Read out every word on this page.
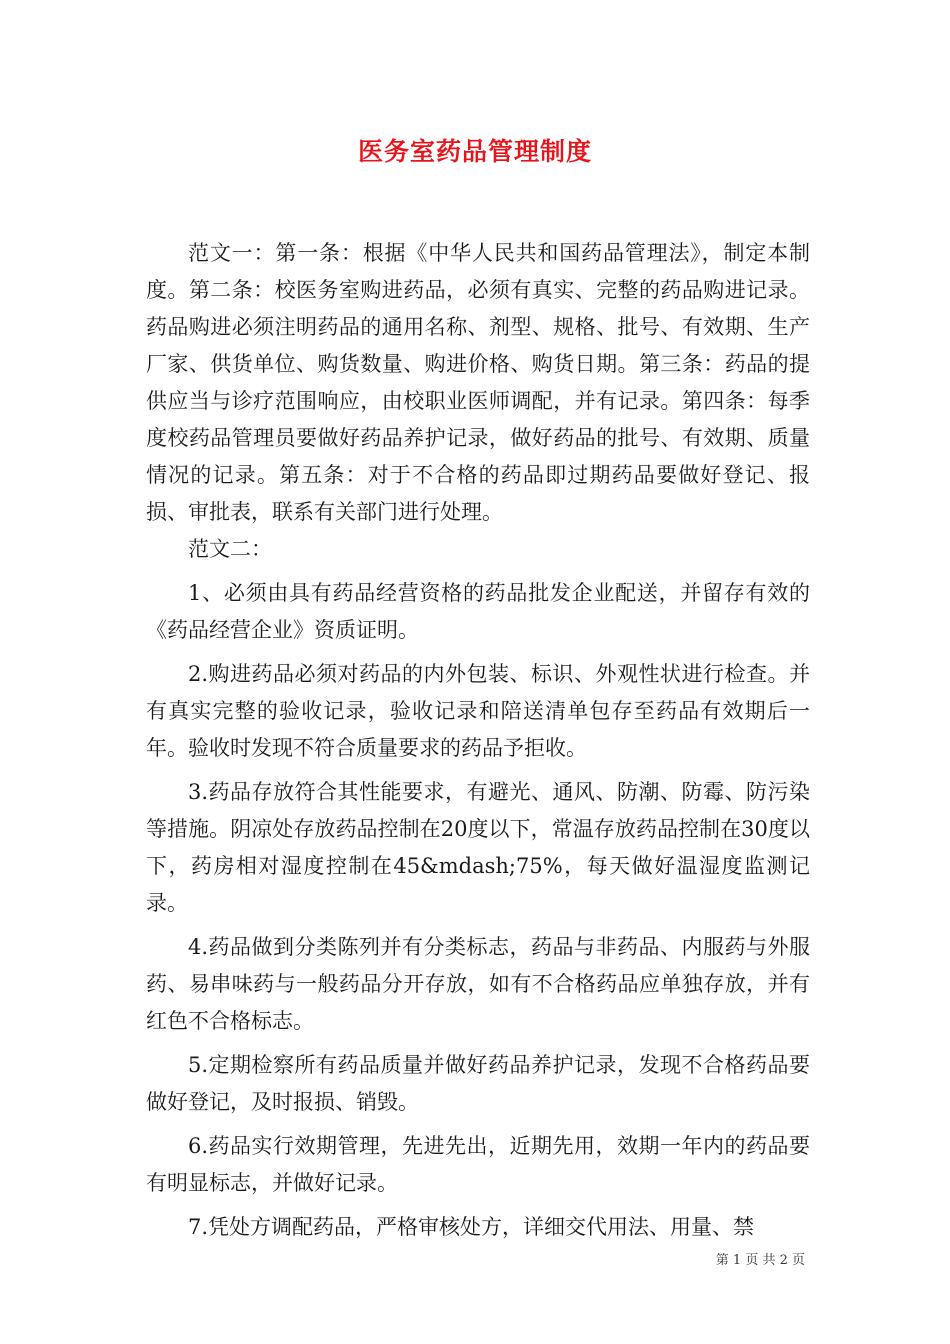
医务室药品管理制度

范文一：第一条：根据《中华人民共和国药品管理法》，制定本制度。第二条：校医务室购进药品，必须有真实、完整的药品购进记录。药品购进必须注明药品的通用名称、剂型、规格、批号、有效期、生产厂家、供货单位、购货数量、购进价格、购货日期。第三条：药品的提供应当与诊疗范围响应，由校职业医师调配，并有记录。第四条：每季度校药品管理员要做好药品养护记录，做好药品的批号、有效期、质量情况的记录。第五条：对于不合格的药品即过期药品要做好登记、报损、审批表，联系有关部门进行处理。

范文二：

1、必须由具有药品经营资格的药品批发企业配送，并留存有效的《药品经营企业》资质证明。

2.购进药品必须对药品的内外包装、标识、外观性状进行检查。并有真实完整的验收记录，验收记录和陪送清单包存至药品有效期后一年。验收时发现不符合质量要求的药品予拒收。

3.药品存放符合其性能要求，有避光、通风、防潮、防霉、防污染等措施。阴凉处存放药品控制在20度以下，常温存放药品控制在30度以下，药房相对湿度控制在45&mdash;75%，每天做好温湿度监测记录。

4.药品做到分类陈列并有分类标志，药品与非药品、内服药与外服药、易串味药与一般药品分开存放，如有不合格药品应单独存放，并有红色不合格标志。

5.定期检察所有药品质量并做好药品养护记录，发现不合格药品要做好登记，及时报损、销毁。

6.药品实行效期管理，先进先出，近期先用，效期一年内的药品要有明显标志，并做好记录。

7.凭处方调配药品，严格审核处方，详细交代用法、用量、禁

第 1 页 共 2 页
